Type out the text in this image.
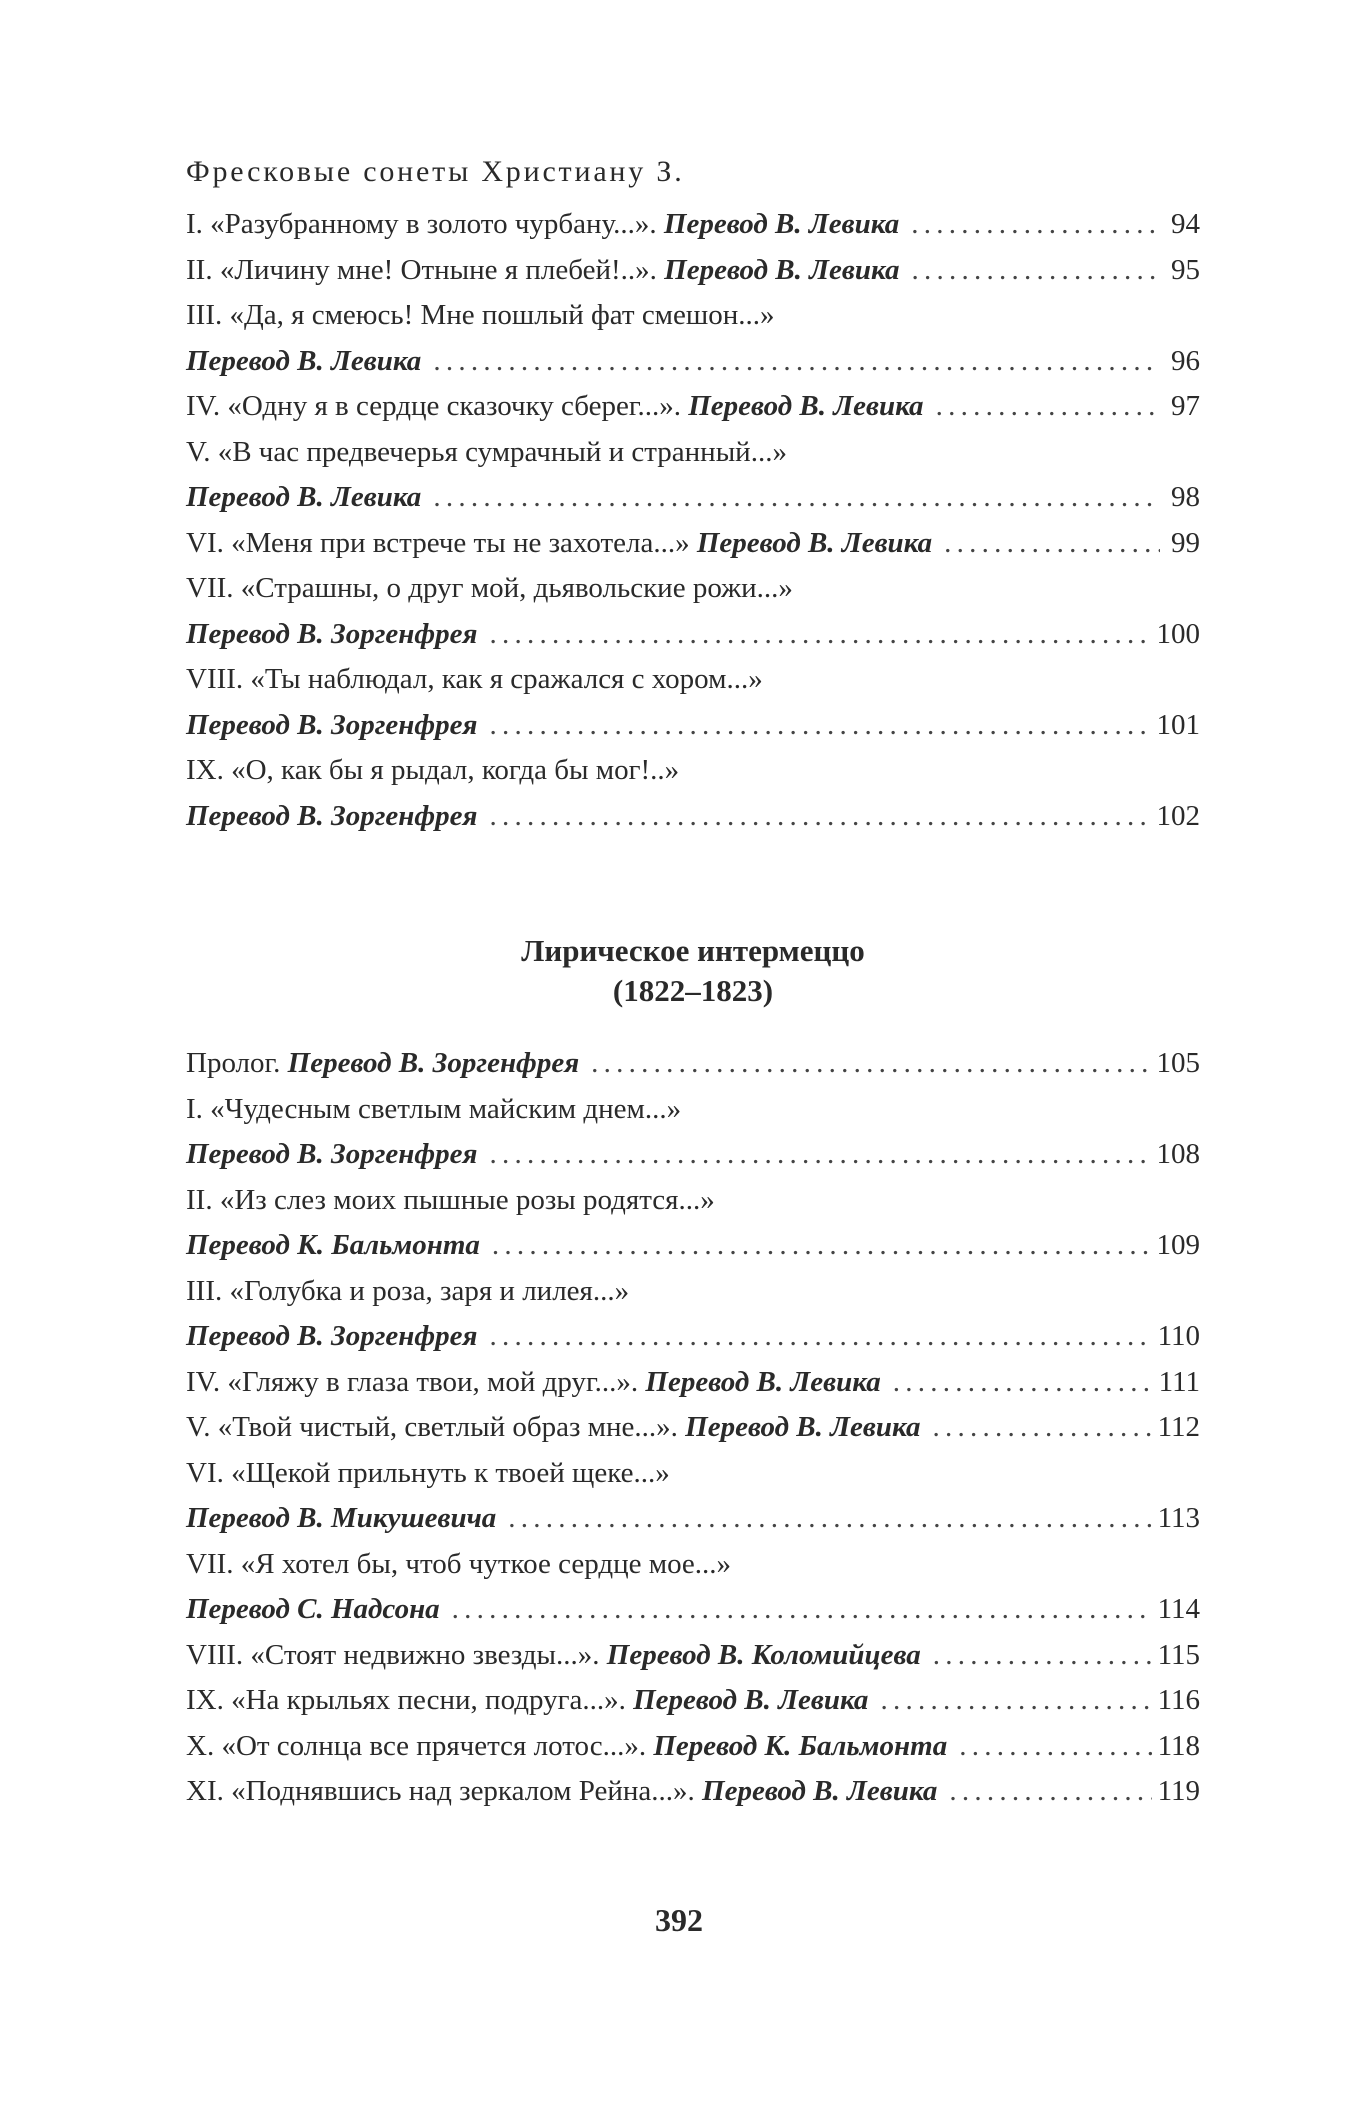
Фресковые сонеты Христиану З.
I. «Разубранному в золото чурбану...». Перевод В. Левика . . .	94
II. «Личину мне! Отныне я плебей!..». Перевод В. Левика . . .	95
III. «Да, я смеюсь! Мне пошлый фат смешон...»
Перевод В. Левика . . .	96
IV. «Одну я в сердце сказочку сберег...». Перевод В. Левика . . .	97
V. «В час предвечерья сумрачный и странный...»
Перевод В. Левика . . .	98
VI. «Меня при встрече ты не захотела...» Перевод В. Левика . . .	99
VII. «Страшны, о друг мой, дьявольские рожи...»
Перевод В. Зоргенфрея . . .	100
VIII. «Ты наблюдал, как я сражался с хором...»
Перевод В. Зоргенфрея . . .	101
IX. «О, как бы я рыдал, когда бы мог!..»
Перевод В. Зоргенфрея . . .	102
Лирическое интермеццо
(1822–1823)
Пролог. Перевод В. Зоргенфрея . . .	105
I. «Чудесным светлым майским днем...»
Перевод В. Зоргенфрея . . .	108
II. «Из слез моих пышные розы родятся...»
Перевод К. Бальмонта . . .	109
III. «Голубка и роза, заря и лилея...»
Перевод В. Зоргенфрея . . .	110
IV. «Гляжу в глаза твои, мой друг...». Перевод В. Левика . . .	111
V. «Твой чистый, светлый образ мне...». Перевод В. Левика . . .	112
VI. «Щекой прильнуть к твоей щеке...»
Перевод В. Микушевича . . .	113
VII. «Я хотел бы, чтоб чуткое сердце мое...»
Перевод С. Надсона . . .	114
VIII. «Стоят недвижно звезды...». Перевод В. Коломийцева . . .	115
IX. «На крыльях песни, подруга...». Перевод В. Левика . . .	116
X. «От солнца все прячется лотос...». Перевод К. Бальмонта . . .	118
XI. «Поднявшись над зеркалом Рейна...». Перевод В. Левика . . .	119
392
